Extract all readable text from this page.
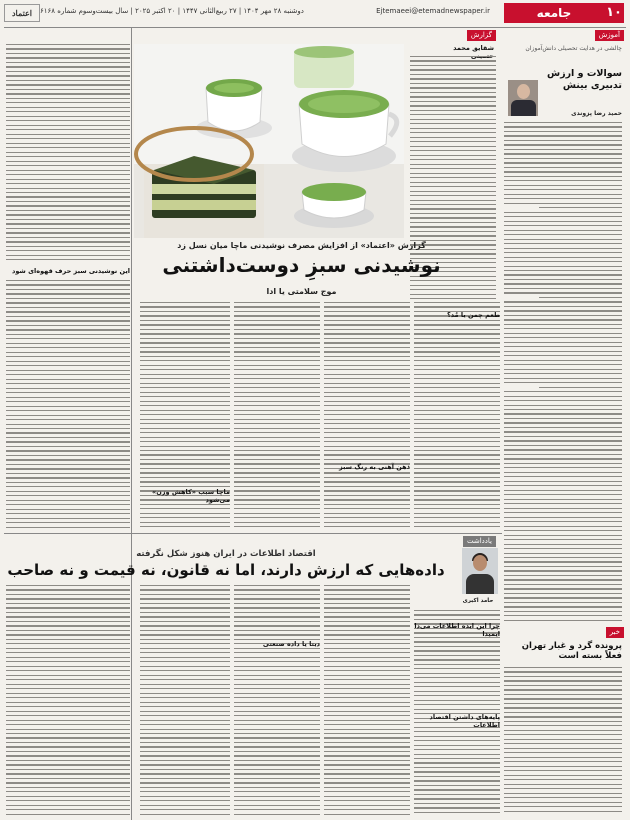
۱۰
جامعه
Ejtemaeei@etemadnewspaper.ir
دوشنبه ۲۸ مهر ۱۴۰۴ | ۲۷ ربیع‌الثانی ۱۴۴۷ | ۲۰ اکتبر ۲۰۲۵ | سال بیست‌وسوم شماره ۶۱۶۸
اعتماد
آموزش
چالشی در هدایت تحصیلی دانش‌آموزان
سوالات و ارزش تدبیری بینش
حمید رضا پزوندی
خبر
پرونده گرد و غبار تهران فعلاً بسته است
گزارش
شقایق محمد
گزارش «اعتماد» از افزایش مصرف نوشیدنی ماچا میان نسل زد
نوشیدنی سبزِ دوست‌داشتنی
موج سلامتی یا ادا
طعم چمن یا مُد؟
ذهن آهنی به رنگ سبز
ماچا سبب «کاهش وزن» می‌شود
این نوشیدنی سبز حرف قهوه‌ای شود
یادداشت
اقتصاد اطلاعات در ایران هنوز شکل نگرفته
داده‌هایی که ارزش دارند، اما نه قانون، نه قیمت و نه صاحب
حامد اکبری
چرا این ایده اطلاعات می‌دا ایمیدا
پایه‌های داشتن اقتصاد اطلاعات
دیتا یا داده صنعتی
